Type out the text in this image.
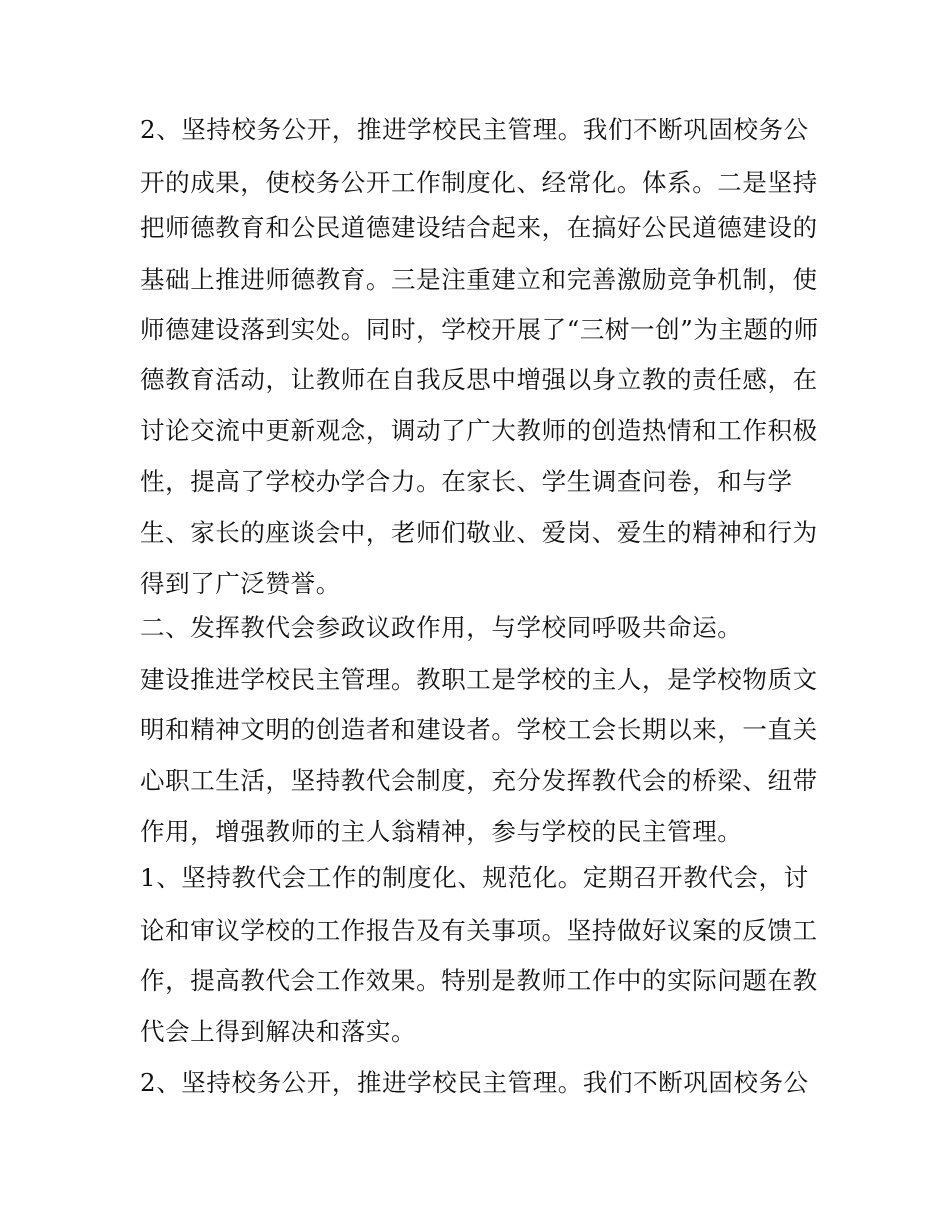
2、坚持校务公开，推进学校民主管理。我们不断巩固校务公
开的成果，使校务公开工作制度化、经常化。体系。二是坚持
把师德教育和公民道德建设结合起来，在搞好公民道德建设的
基础上推进师德教育。三是注重建立和完善激励竞争机制，使
师德建设落到实处。同时，学校开展了“三树一创”为主题的师
德教育活动，让教师在自我反思中增强以身立教的责任感，在
讨论交流中更新观念，调动了广大教师的创造热情和工作积极
性，提高了学校办学合力。在家长、学生调查问卷，和与学
生、家长的座谈会中，老师们敬业、爱岗、爱生的精神和行为
得到了广泛赞誉。
二、发挥教代会参政议政作用，与学校同呼吸共命运。
建设推进学校民主管理。教职工是学校的主人，是学校物质文
明和精神文明的创造者和建设者。学校工会长期以来，一直关
心职工生活，坚持教代会制度，充分发挥教代会的桥梁、纽带
作用，增强教师的主人翁精神，参与学校的民主管理。
1、坚持教代会工作的制度化、规范化。定期召开教代会，讨
论和审议学校的工作报告及有关事项。坚持做好议案的反馈工
作，提高教代会工作效果。特别是教师工作中的实际问题在教
代会上得到解决和落实。
2、坚持校务公开，推进学校民主管理。我们不断巩固校务公
